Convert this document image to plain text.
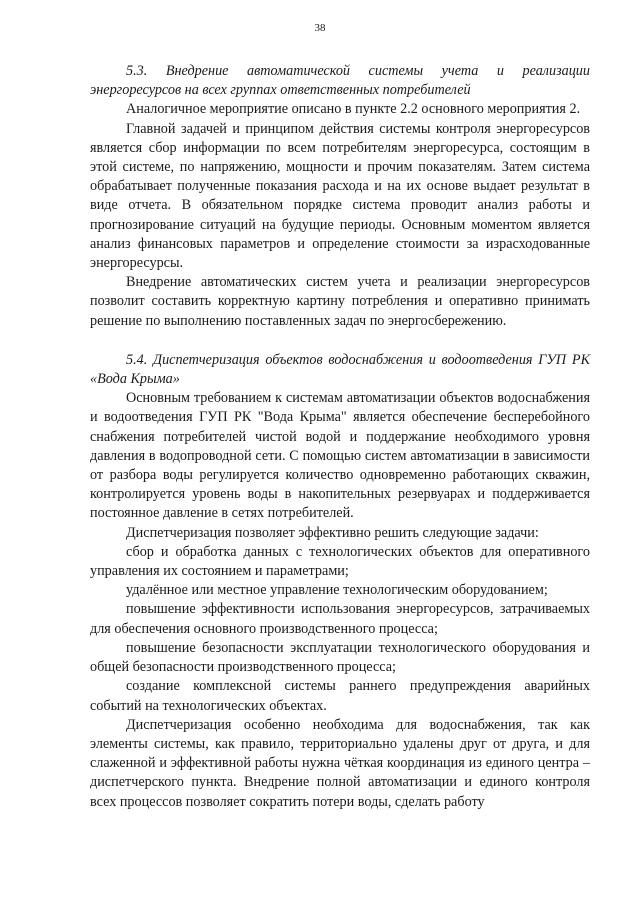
38

5.3. Внедрение автоматической системы учета и реализации энергоресурсов на всех группах ответственных потребителей

Аналогичное мероприятие описано в пункте 2.2 основного мероприятия 2.

Главной задачей и принципом действия системы контроля энергоресурсов является сбор информации по всем потребителям энергоресурса, состоящим в этой системе, по напряжению, мощности и прочим показателям. Затем система обрабатывает полученные показания расхода и на их основе выдает результат в виде отчета. В обязательном порядке система проводит анализ работы и прогнозирование ситуаций на будущие периоды. Основным моментом является анализ финансовых параметров и определение стоимости за израсходованные энергоресурсы.

Внедрение автоматических систем учета и реализации энергоресурсов позволит составить корректную картину потребления и оперативно принимать решение по выполнению поставленных задач по энергосбережению.

5.4. Диспетчеризация объектов водоснабжения и водоотведения ГУП РК «Вода Крыма»

Основным требованием к системам автоматизации объектов водоснабжения и водоотведения ГУП РК "Вода Крыма" является обеспечение бесперебойного снабжения потребителей чистой водой и поддержание необходимого уровня давления в водопроводной сети. С помощью систем автоматизации в зависимости от разбора воды регулируется количество одновременно работающих скважин, контролируется уровень воды в накопительных резервуарах и поддерживается постоянное давление в сетях потребителей.

Диспетчеризация позволяет эффективно решить следующие задачи:

сбор и обработка данных с технологических объектов для оперативного управления их состоянием и параметрами;

удалённое или местное управление технологическим оборудованием;

повышение эффективности использования энергоресурсов, затрачиваемых для обеспечения основного производственного процесса;

повышение безопасности эксплуатации технологического оборудования и общей безопасности производственного процесса;

создание комплексной системы раннего предупреждения аварийных событий на технологических объектах.

Диспетчеризация особенно необходима для водоснабжения, так как элементы системы, как правило, территориально удалены друг от друга, и для слаженной и эффективной работы нужна чёткая координация из единого центра – диспетчерского пункта. Внедрение полной автоматизации и единого контроля всех процессов позволяет сократить потери воды, сделать работу
